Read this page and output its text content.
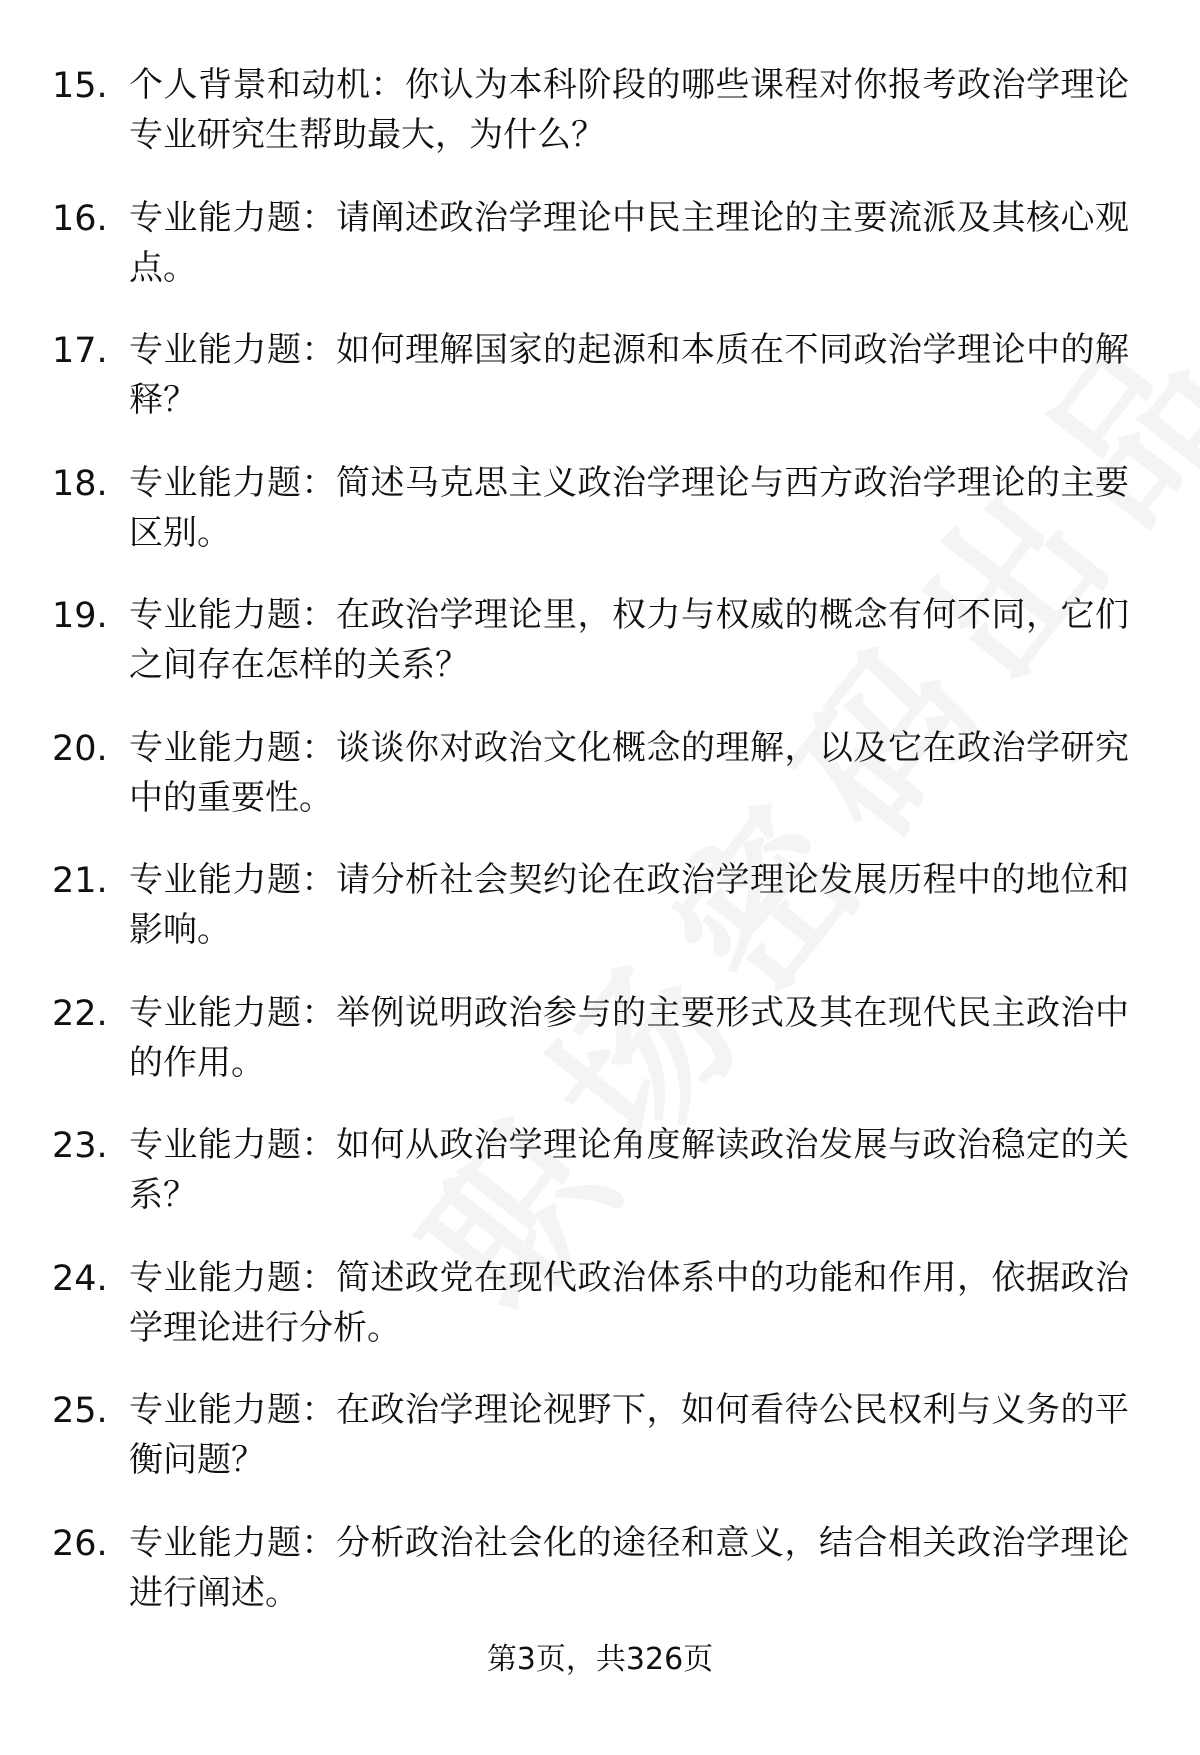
15. 个人背景和动机：你认为本科阶段的哪些课程对你报考政治学理论专业研究生帮助最大，为什么？
16. 专业能力题：请阐述政治学理论中民主理论的主要流派及其核心观点。
17. 专业能力题：如何理解国家的起源和本质在不同政治学理论中的解释？
18. 专业能力题：简述马克思主义政治学理论与西方政治学理论的主要区别。
19. 专业能力题：在政治学理论里，权力与权威的概念有何不同，它们之间存在怎样的关系？
20. 专业能力题：谈谈你对政治文化概念的理解，以及它在政治学研究中的重要性。
21. 专业能力题：请分析社会契约论在政治学理论发展历程中的地位和影响。
22. 专业能力题：举例说明政治参与的主要形式及其在现代民主政治中的作用。
23. 专业能力题：如何从政治学理论角度解读政治发展与政治稳定的关系？
24. 专业能力题：简述政党在现代政治体系中的功能和作用，依据政治学理论进行分析。
25. 专业能力题：在政治学理论视野下，如何看待公民权利与义务的平衡问题？
26. 专业能力题：分析政治社会化的途径和意义，结合相关政治学理论进行阐述。
第3页，共326页
